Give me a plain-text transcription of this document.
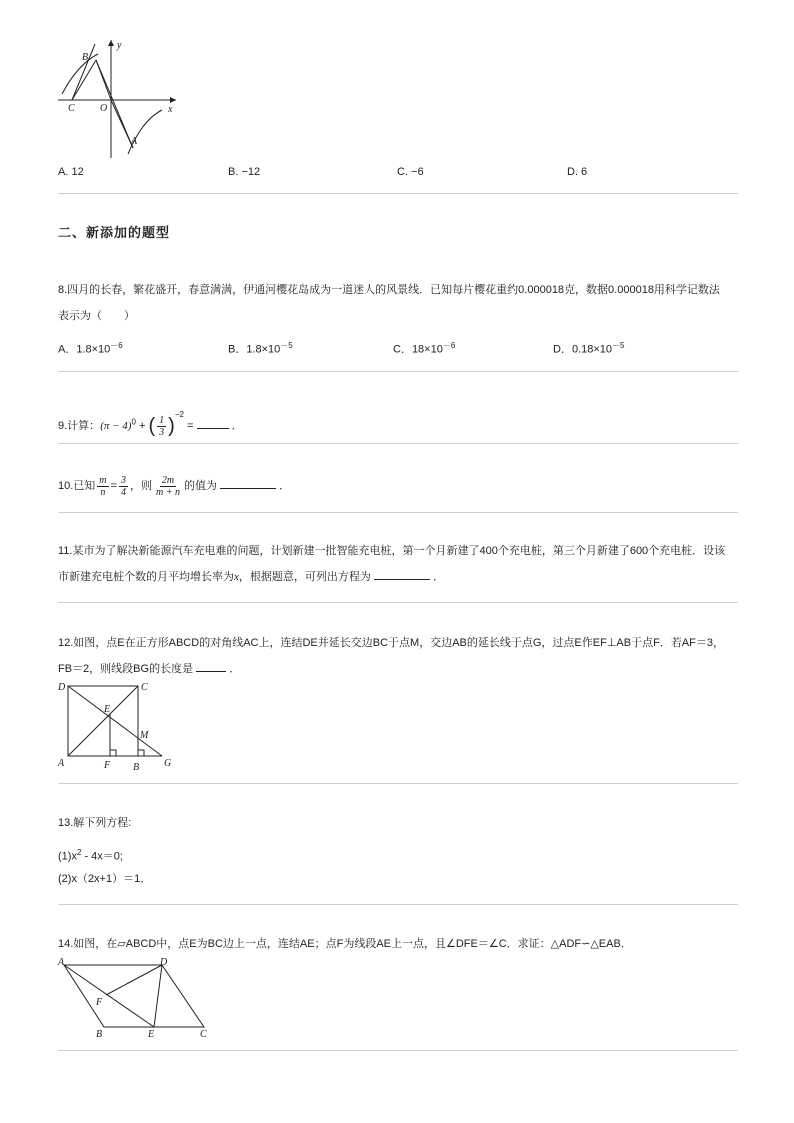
B
y
C	O	x
A
A. 12	B. −12	C. −6	D. 6
二、新添加的题型
8.四月的长春，繁花盛开，春意满满，伊通河樱花岛成为一道迷人的风景线．已知每片樱花重约0.000018克，数据0.000018用科学记数法
表示为（　　）
A．$1.8\times 10^{-6}$	B．$1.8\times 10^{-5}$	C．$18\times 10^{-6}$	D．$0.18\times 10^{-5}$
9.计算：$(\pi - 4)^0$ + ( $\frac{1}{3} )^{-2}$ =	．
10.已知 $\frac{m}{n} = \frac{3}{4}$ ，则 $\frac{2m}{m + n}$ 的值为	．
11.某市为了解决新能源汽车充电难的问题，计划新建一批智能充电桩，第一个月新建了400个充电桩，第三个月新建了600个充电桩．设该
市新建充电桩个数的月平均增长率为x，根据题意，可列出方程为	．
12.如图，点E在正方形ABCD的对角线AC上，连结DE并延长交边BC于点M，交边AB的延长线于点G，过点E作EF⊥AB于点F．若AF＝3，
FB＝2，则线段BG的长度是	．
D	C
E
M
A	F B G
13.解下列方程:
$(1)x^2 - 4x=0$;
(2)x（2x+1）＝1．
14.如图，在▱ABCD中，点E为BC边上一点，连结AE；点F为线段AE上一点，且∠DFE＝∠C．求证：△ADF∽△EAB．
A	D
F
B	E	C
